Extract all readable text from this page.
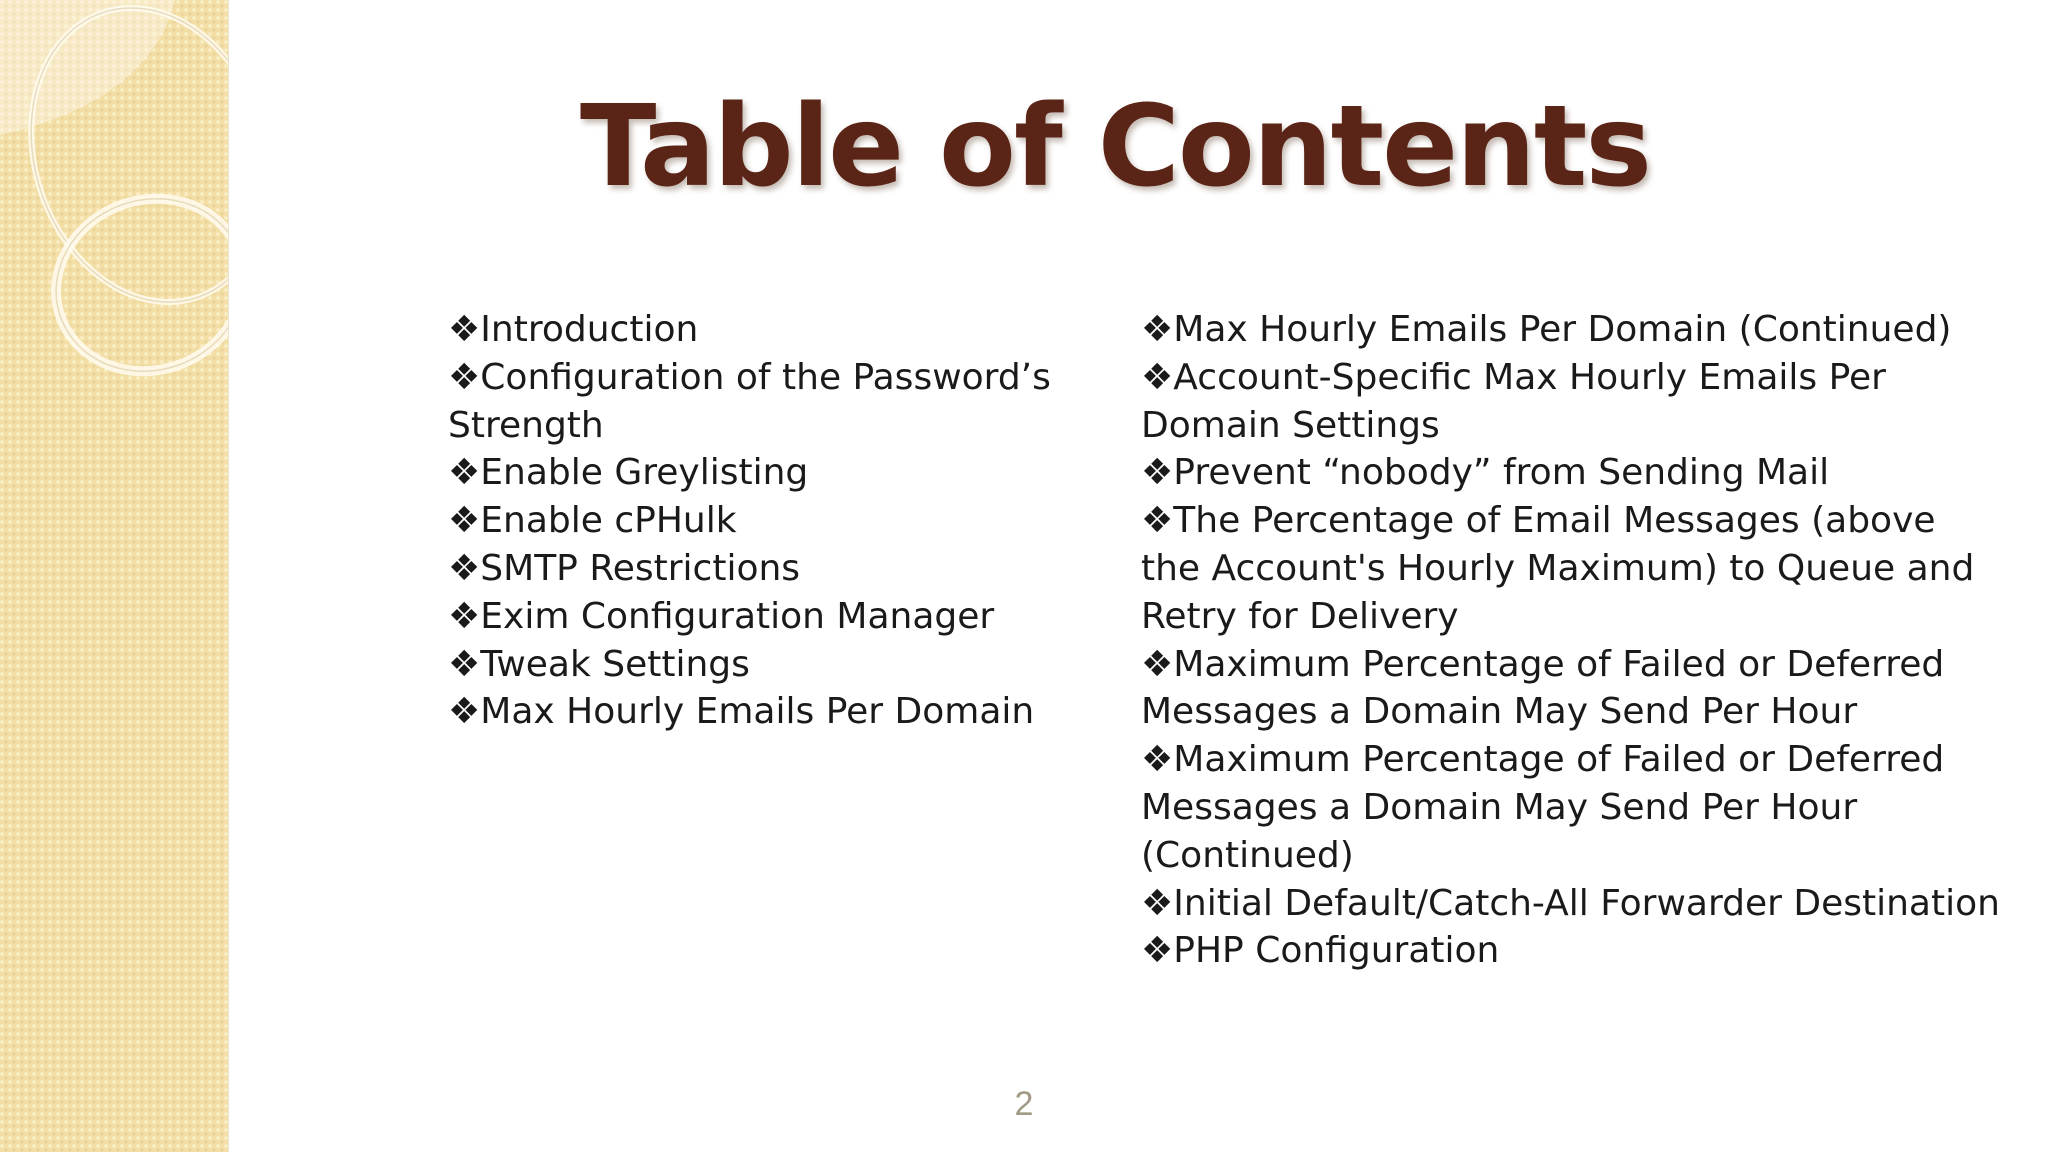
Table of Contents
❖Introduction
❖Configuration of the Password’s Strength
❖Enable Greylisting
❖Enable cPHulk
❖SMTP Restrictions
❖Exim Configuration Manager
❖Tweak Settings
❖Max Hourly Emails Per Domain
❖Max Hourly Emails Per Domain (Continued)
❖Account-Specific Max Hourly Emails Per Domain Settings
❖Prevent “nobody” from Sending Mail
❖The Percentage of Email Messages (above the Account's Hourly Maximum) to Queue and Retry for Delivery
❖Maximum Percentage of Failed or Deferred Messages a Domain May Send Per Hour
❖Maximum Percentage of Failed or Deferred Messages a Domain May Send Per Hour (Continued)
❖Initial Default/Catch-All Forwarder Destination
❖PHP Configuration
2
